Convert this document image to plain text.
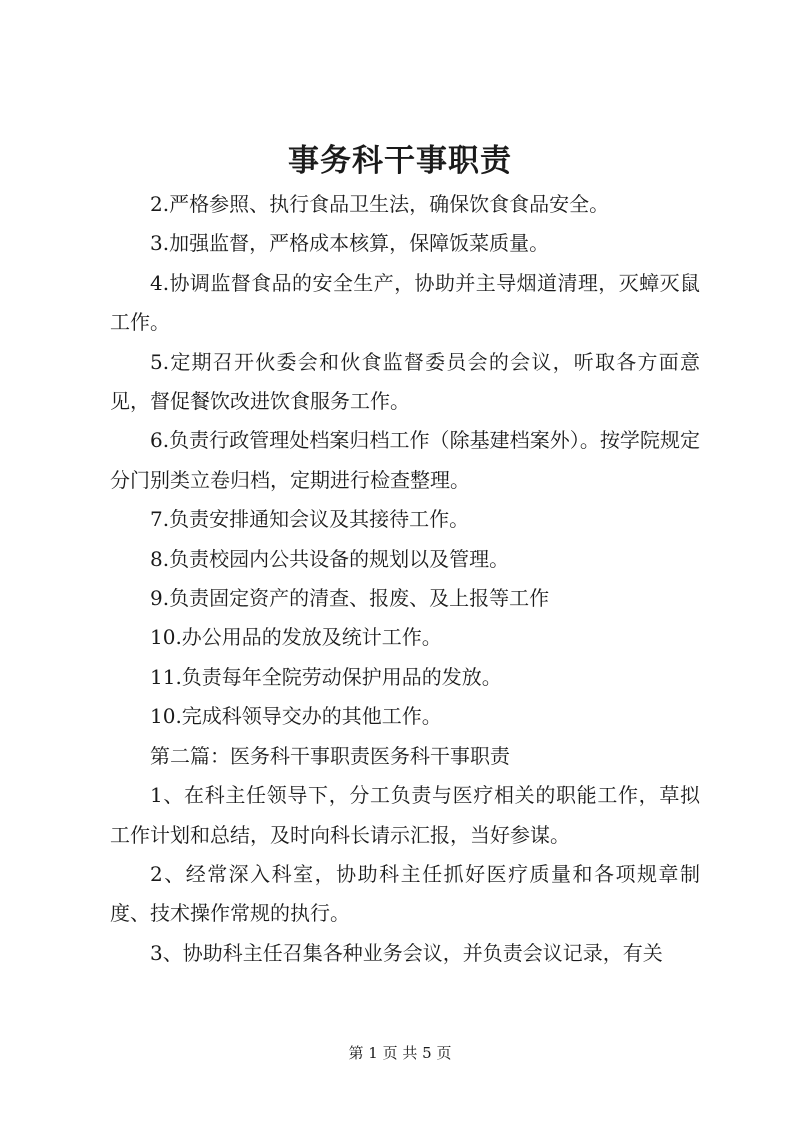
事务科干事职责

2.严格参照、执行食品卫生法，确保饮食食品安全。

3.加强监督，严格成本核算，保障饭菜质量。

4.协调监督食品的安全生产，协助并主导烟道清理，灭蟑灭鼠工作。

5.定期召开伙委会和伙食监督委员会的会议，听取各方面意见，督促餐饮改进饮食服务工作。

6.负责行政管理处档案归档工作（除基建档案外）。按学院规定分门别类立卷归档，定期进行检查整理。

7.负责安排通知会议及其接待工作。

8.负责校园内公共设备的规划以及管理。

9.负责固定资产的清查、报废、及上报等工作

10.办公用品的发放及统计工作。

11.负责每年全院劳动保护用品的发放。

10.完成科领导交办的其他工作。

第二篇：医务科干事职责医务科干事职责

1、在科主任领导下，分工负责与医疗相关的职能工作，草拟工作计划和总结，及时向科长请示汇报，当好参谋。

2、经常深入科室，协助科主任抓好医疗质量和各项规章制度、技术操作常规的执行。

3、协助科主任召集各种业务会议，并负责会议记录，有关

第 1 页 共 5 页
